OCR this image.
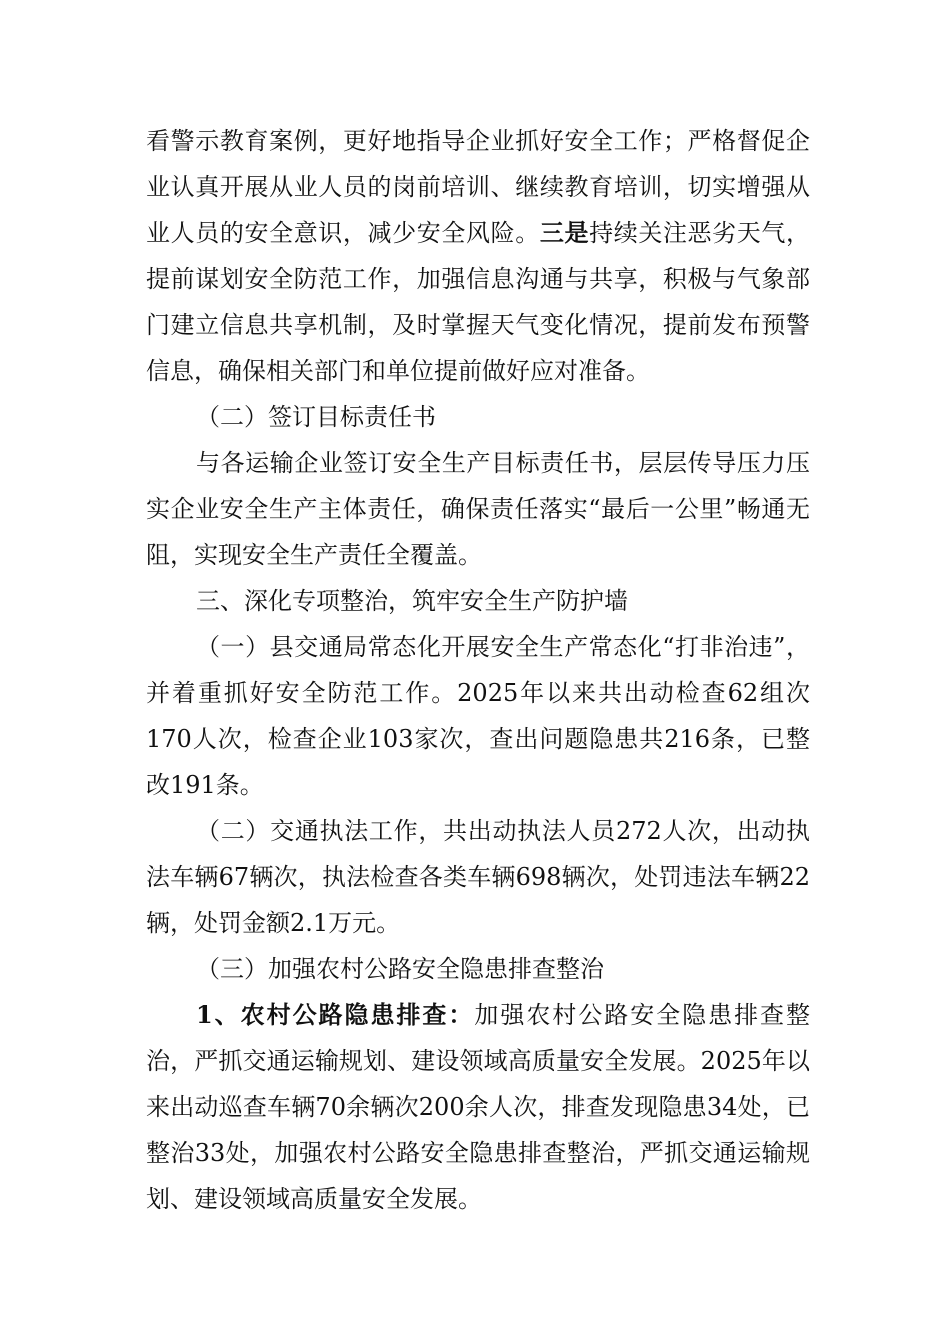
看警示教育案例，更好地指导企业抓好安全工作；严格督促企业认真开展从业人员的岗前培训、继续教育培训，切实增强从业人员的安全意识，减少安全风险。三是持续关注恶劣天气，提前谋划安全防范工作，加强信息沟通与共享，积极与气象部门建立信息共享机制，及时掌握天气变化情况，提前发布预警信息，确保相关部门和单位提前做好应对准备。

（二）签订目标责任书

与各运输企业签订安全生产目标责任书，层层传导压力压实企业安全生产主体责任，确保责任落实“最后一公里”畅通无阻，实现安全生产责任全覆盖。

三、深化专项整治，筑牢安全生产防护墙

（一）县交通局常态化开展安全生产常态化“打非治违”，并着重抓好安全防范工作。2025年以来共出动检查62组次170人次，检查企业103家次，查出问题隐患共216条，已整改191条。

（二）交通执法工作，共出动执法人员272人次，出动执法车辆67辆次，执法检查各类车辆698辆次，处罚违法车辆22辆，处罚金额2.1万元。

（三）加强农村公路安全隐患排查整治

1、农村公路隐患排查：加强农村公路安全隐患排查整治，严抓交通运输规划、建设领域高质量安全发展。2025年以来出动巡查车辆70余辆次200余人次，排查发现隐患34处，已整治33处，加强农村公路安全隐患排查整治，严抓交通运输规划、建设领域高质量安全发展。
